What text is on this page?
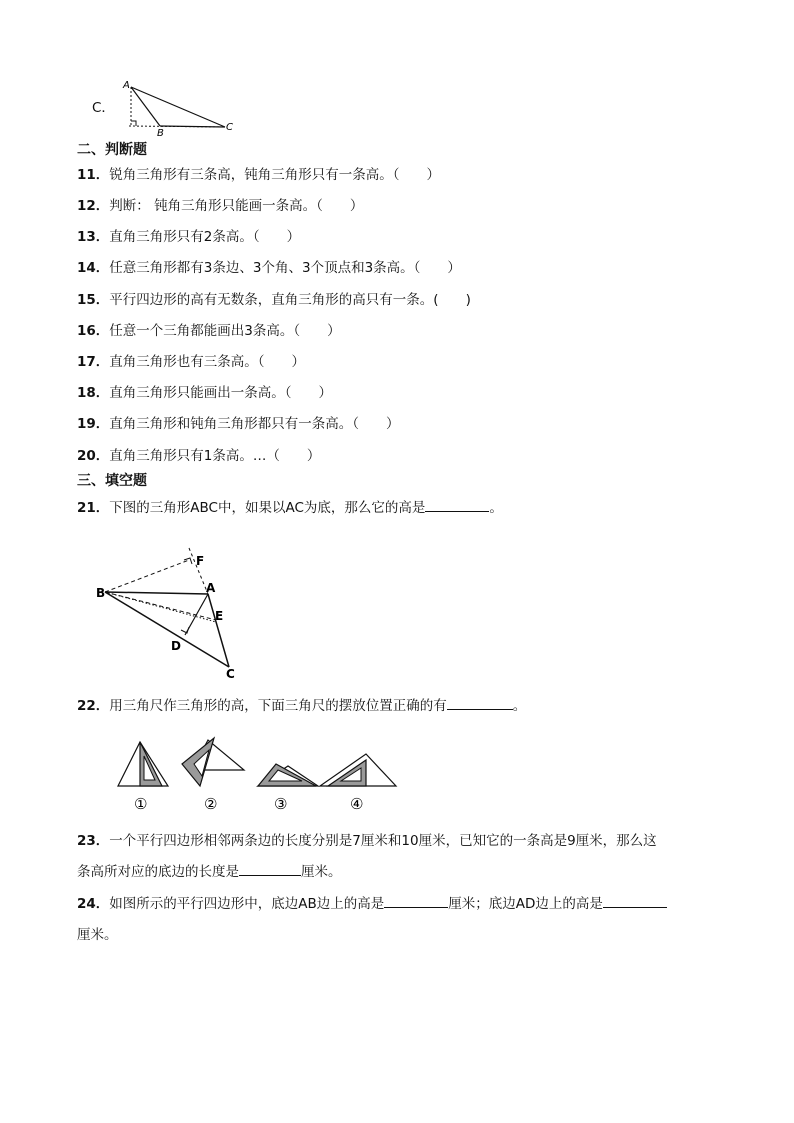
C．
A
B
C
二、判断题
11．锐角三角形有三条高，钝角三角形只有一条高。（　　）
12．判断： 钝角三角形只能画一条高。（　　）
13．直角三角形只有2条高。（　　）
14．任意三角形都有3条边、3个角、3个顶点和3条高。（　　）
15．平行四边形的高有无数条，直角三角形的高只有一条。(　　)
16．任意一个三角都能画出3条高。（　　）
17．直角三角形也有三条高。（　　）
18．直角三角形只能画出一条高。（　　）
19．直角三角形和钝角三角形都只有一条高。（　　）
20．直角三角形只有1条高。…（　　）
三、填空题
21．下图的三角形ABC中，如果以AC为底，那么它的高是	。
B
F
A
E
D
C
22．用三角尺作三角形的高，下面三角尺的摆放位置正确的有	。
①	②	③	④
23．一个平行四边形相邻两条边的长度分别是7厘米和10厘米，已知它的一条高是9厘米，那么这
条高所对应的底边的长度是	厘米。
24．如图所示的平行四边形中，底边AB边上的高是	厘米；底边AD边上的高是
厘米。
